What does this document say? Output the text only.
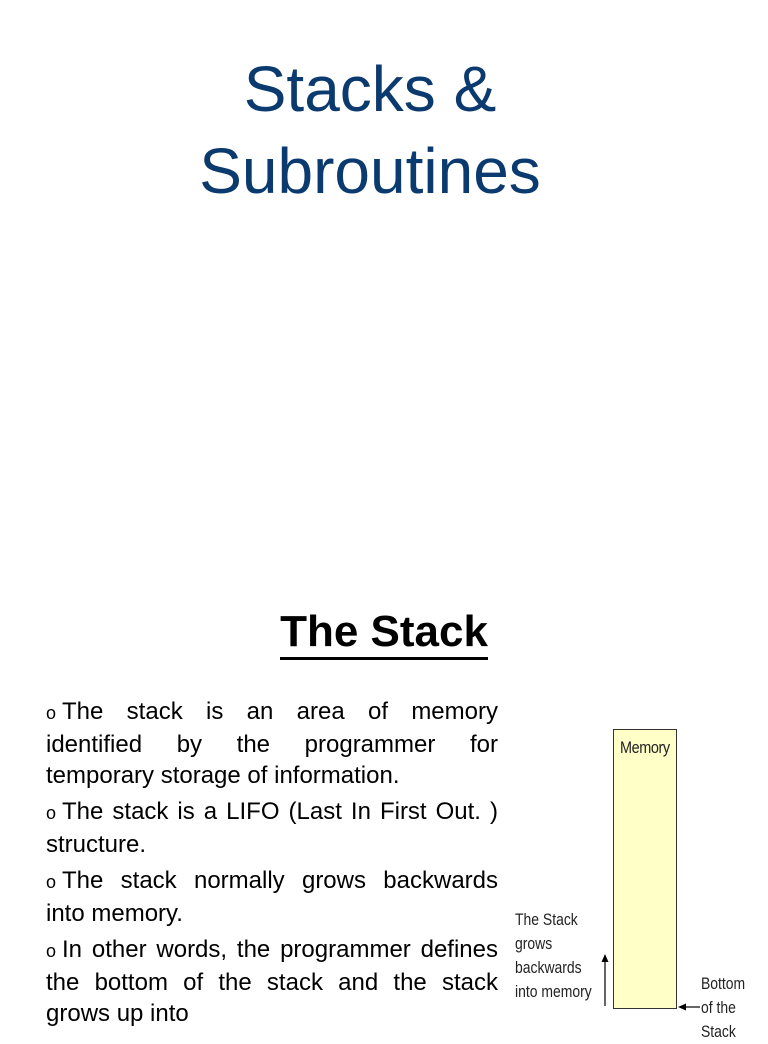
Stacks &
Subroutines
The Stack
o The stack is an area of memory identified by the programmer for temporary storage of information.
o The stack is a LIFO (Last In First Out. ) structure.
o The stack normally grows backwards into memory.
o In other words, the programmer defines the bottom of the stack and the stack grows up into
Memory
The Stack
grows
backwards
into memory	Bottom
of the
Stack
